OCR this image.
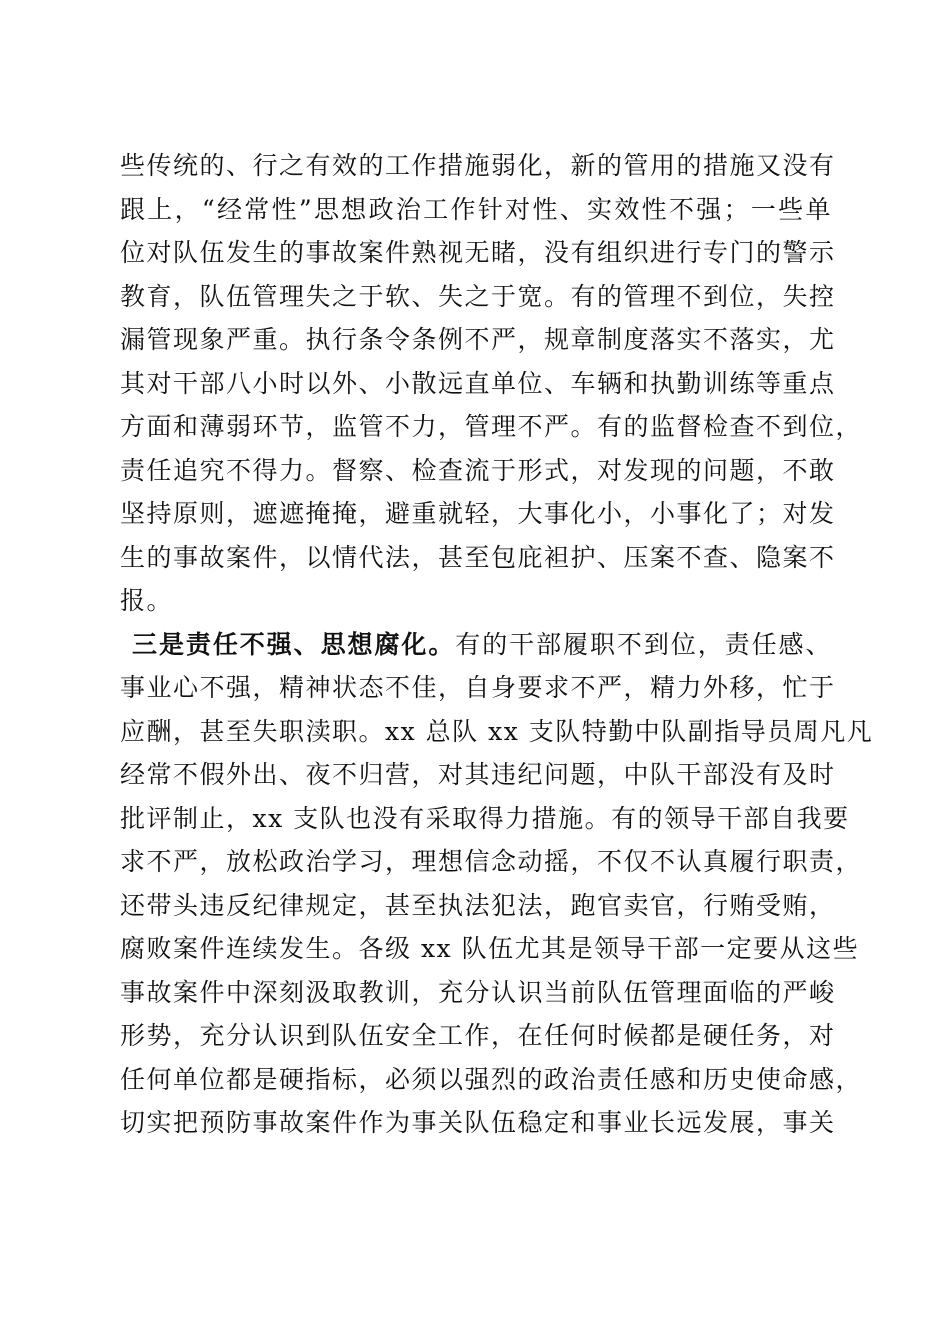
些传统的、行之有效的工作措施弱化，新的管用的措施又没有
跟上，“经常性”思想政治工作针对性、实效性不强；一些单
位对队伍发生的事故案件熟视无睹，没有组织进行专门的警示
教育，队伍管理失之于软、失之于宽。有的管理不到位，失控
漏管现象严重。执行条令条例不严，规章制度落实不落实，尤
其对干部八小时以外、小散远直单位、车辆和执勤训练等重点
方面和薄弱环节，监管不力，管理不严。有的监督检查不到位，
责任追究不得力。督察、检查流于形式，对发现的问题，不敢
坚持原则，遮遮掩掩，避重就轻，大事化小，小事化了；对发
生的事故案件，以情代法，甚至包庇袒护、压案不查、隐案不
报。
三是责任不强、思想腐化。有的干部履职不到位，责任感、
事业心不强，精神状态不佳，自身要求不严，精力外移，忙于
应酬，甚至失职渎职。xx 总队 xx 支队特勤中队副指导员周凡凡
经常不假外出、夜不归营，对其违纪问题，中队干部没有及时
批评制止，xx 支队也没有采取得力措施。有的领导干部自我要
求不严，放松政治学习，理想信念动摇，不仅不认真履行职责，
还带头违反纪律规定，甚至执法犯法，跑官卖官，行贿受贿，
腐败案件连续发生。各级 xx 队伍尤其是领导干部一定要从这些
事故案件中深刻汲取教训，充分认识当前队伍管理面临的严峻
形势，充分认识到队伍安全工作，在任何时候都是硬任务，对
任何单位都是硬指标，必须以强烈的政治责任感和历史使命感，
切实把预防事故案件作为事关队伍稳定和事业长远发展，事关
